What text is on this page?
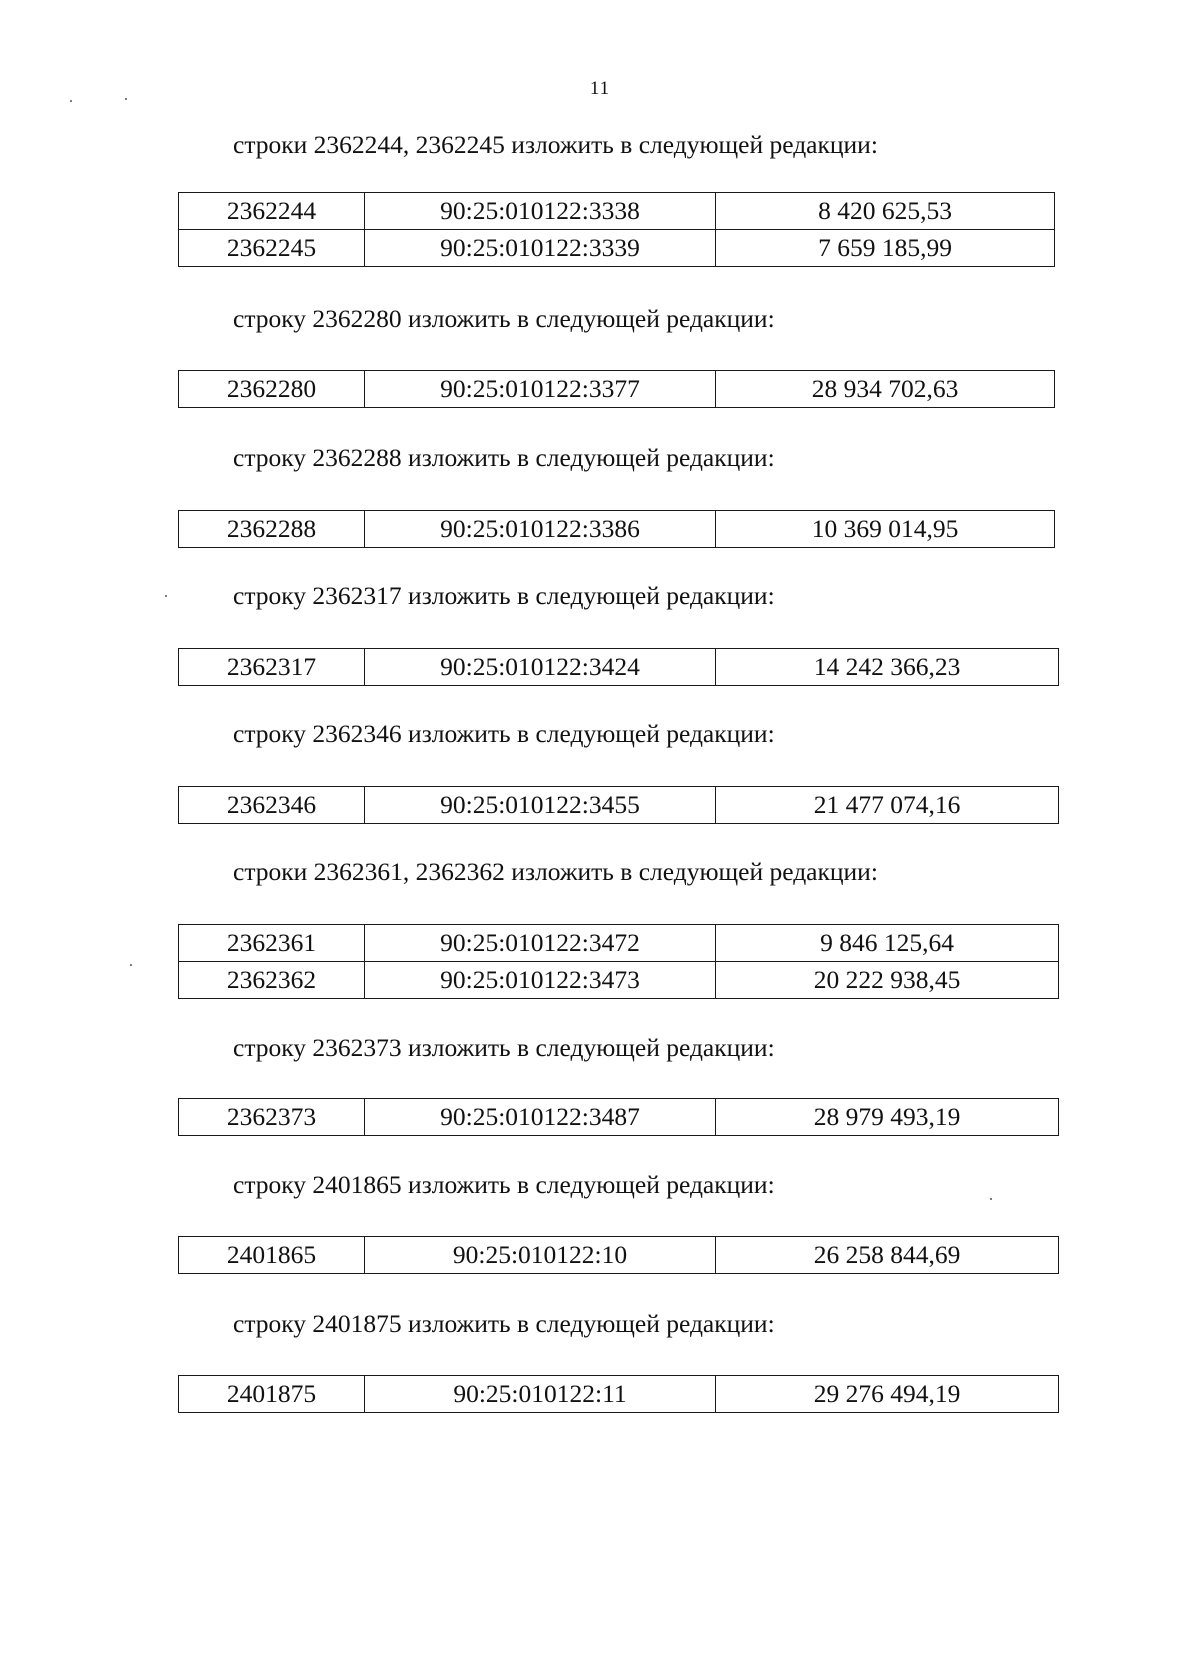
11
строки 2362244, 2362245 изложить в следующей редакции:
2362244	90:25:010122:3338	8 420 625,53
2362245	90:25:010122:3339	7 659 185,99
строку 2362280 изложить в следующей редакции:
2362280	90:25:010122:3377	28 934 702,63
строку 2362288 изложить в следующей редакции:
2362288	90:25:010122:3386	10 369 014,95
строку 2362317 изложить в следующей редакции:
2362317	90:25:010122:3424	14 242 366,23
строку 2362346 изложить в следующей редакции:
2362346	90:25:010122:3455	21 477 074,16
строки 2362361, 2362362 изложить в следующей редакции:
2362361	90:25:010122:3472	9 846 125,64
2362362	90:25:010122:3473	20 222 938,45
строку 2362373 изложить в следующей редакции:
2362373	90:25:010122:3487	28 979 493,19
строку 2401865 изложить в следующей редакции:
2401865	90:25:010122:10	26 258 844,69
строку 2401875 изложить в следующей редакции:
2401875	90:25:010122:11	29 276 494,19
